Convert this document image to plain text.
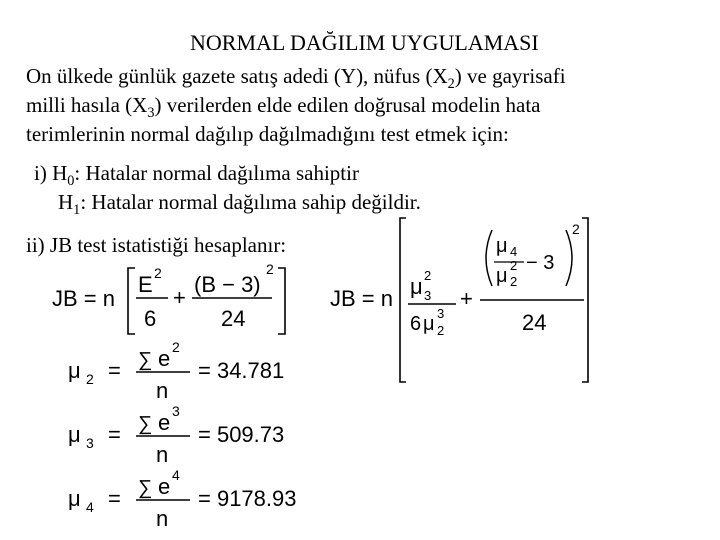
NORMAL DAĞILIM UYGULAMASI
On ülkede günlük gazete satış adedi (Y), nüfus $(X_2)$ ve gayrisafi
milli hasıla $(X_3)$ verilerden elde edilen doğrusal modelin hata
terimlerinin normal dağılıp dağılmadığını test etmek için:
i) $H_0$: Hatalar normal dağılıma sahiptir
$H_1$: Hatalar normal dağılıma sahip değildir.
ii) JB test istatistiği hesaplanır:
JB = n
E 2
6
+
(B − 3)
2
24
JB = n μ 3
2
6 μ 2
3
+
μ 4
μ 2
2 − 3
2
24
μ 2 = ∑ e 2
n
= 34.781
μ 3 = ∑ e 3
n
= 509.73
μ 4 = ∑ e 4
n
= 9178.93
